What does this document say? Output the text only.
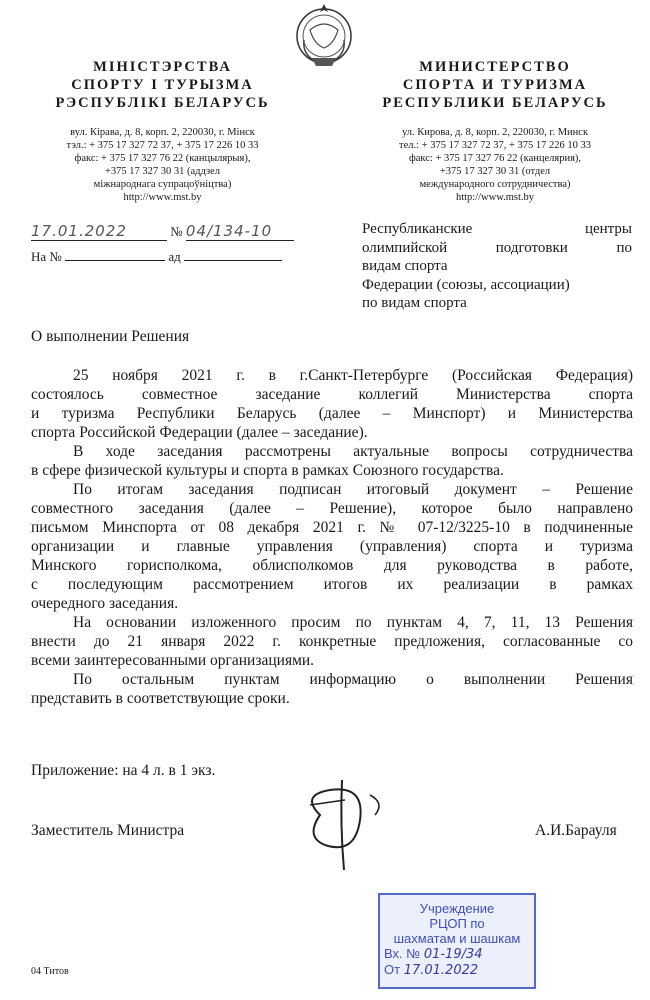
МІНІСТЭРСТВА
СПОРТУ І ТУРЫЗМА
РЭСПУБЛІКІ БЕЛАРУСЬ
вул. Кірава, д. 8, корп. 2, 220030, г. Мінск
тэл.: + 375 17 327 72 37, + 375 17 226 10 33
факс: + 375 17 327 76 22 (канцылярыя),
+375 17 327 30 31 (аддзел
міжнароднага супрацоўніцтва)
http://www.mst.by
МИНИСТЕРСТВО
СПОРТА И ТУРИЗМА
РЕСПУБЛИКИ БЕЛАРУСЬ
ул. Кирова, д. 8, корп. 2, 220030, г. Минск
тел.: + 375 17 327 72 37, + 375 17 226 10 33
факс: + 375 17 327 76 22 (канцелярия),
+375 17 327 30 31 (отдел
международного сотрудничества)
http://www.mst.by
17.01.2022	№ 04/134-10
На №	ад
Республиканские центры
олимпийской подготовки по
видам спорта
Федерации (союзы, ассоциации)
по видам спорта
О выполнении Решения

25 ноября 2021 г. в г.Санкт-Петербурге (Российская Федерация)
состоялось совместное заседание коллегий Министерства спорта
и туризма Республики Беларусь (далее – Минспорт) и Министерства
спорта Российской Федерации (далее – заседание).

В ходе заседания рассмотрены актуальные вопросы сотрудничества
в сфере физической культуры и спорта в рамках Союзного государства.

По итогам заседания подписан итоговый документ – Решение
совместного заседания (далее – Решение), которое было направлено
письмом Минспорта от 08 декабря 2021 г. № 07-12/3225-10 в подчиненные
организации и главные управления (управления) спорта и туризма
Минского горисполкома, облисполкомов для руководства в работе,
с последующим рассмотрением итогов их реализации в рамках
очередного заседания.

На основании изложенного просим по пунктам 4, 7, 11, 13 Решения
внести до 21 января 2022 г. конкретные предложения, согласованные со
всеми заинтересованными организациями.

По остальным пунктам информацию о выполнении Решения
представить в соответствующие сроки.

Приложение: на 4 л. в 1 экз.
Заместитель Министра	А.И.Барауля
04 Титов
Учреждение
РЦОП по
шахматам и шашкам
Вх. № 01-19/34
От 17.01.2022
